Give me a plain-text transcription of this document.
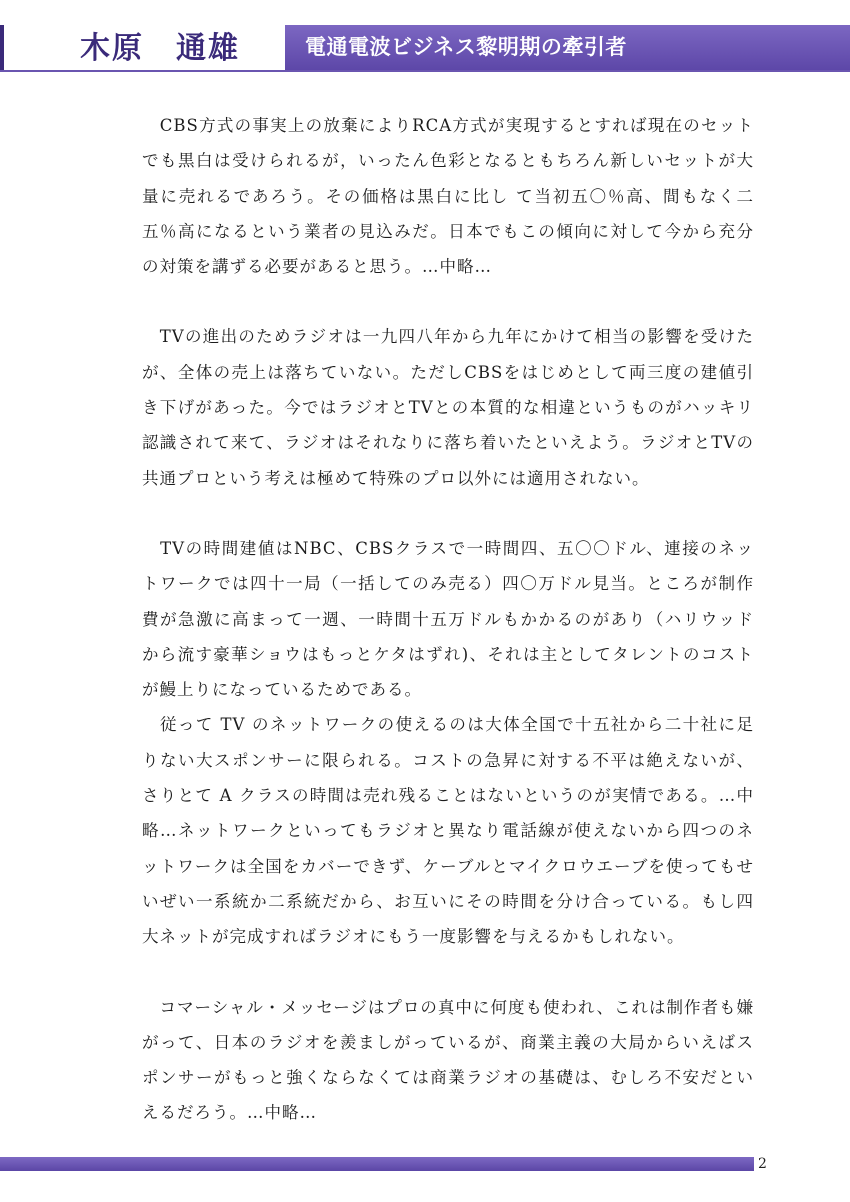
木原　通雄	電通電波ビジネス黎明期の牽引者

　CBS方式の事実上の放棄によりRCA方式が実現するとすれば現在のセットでも黒白は受けられるが，いったん色彩となるともちろん新しいセットが大量に売れるであろう。その価格は黒白に比し て当初五〇％高、間もなく二五％高になるという業者の見込みだ。日本でもこの傾向に対して今から充分の対策を講ずる必要があると思う。…中略…

　TVの進出のためラジオは一九四八年から九年にかけて相当の影響を受けたが、全体の売上は落ちていない。ただしCBSをはじめとして両三度の建値引き下げがあった。今ではラジオとTVとの本質的な相違というものがハッキリ認識されて来て、ラジオはそれなりに落ち着いたといえよう。ラジオとTVの共通プロという考えは極めて特殊のプロ以外には適用されない。

　TVの時間建値はNBC、CBSクラスで一時間四、五〇〇ドル、連接のネットワークでは四十一局（一括してのみ売る）四〇万ドル見当。ところが制作費が急激に高まって一週、一時間十五万ドルもかかるのがあり（ハリウッドから流す豪華ショウはもっとケタはずれ)、それは主としてタレントのコストが鰻上りになっているためである。

　従って TV のネットワークの使えるのは大体全国で十五社から二十社に足りない大スポンサーに限られる。コストの急昇に対する不平は絶えないが、さりとて A クラスの時間は売れ残ることはないというのが実情である。…中略…ネットワークといってもラジオと異なり電話線が使えないから四つのネットワークは全国をカバーできず、ケーブルとマイクロウエーブを使ってもせいぜい一系統か二系統だから、お互いにその時間を分け合っている。もし四大ネットが完成すればラジオにもう一度影響を与えるかもしれない。

　コマーシャル・メッセージはプロの真中に何度も使われ、これは制作者も嫌がって、日本のラジオを羨ましがっているが、商業主義の大局からいえばスポンサーがもっと強くならなくては商業ラジオの基礎は、むしろ不安だといえるだろう。…中略…

2
